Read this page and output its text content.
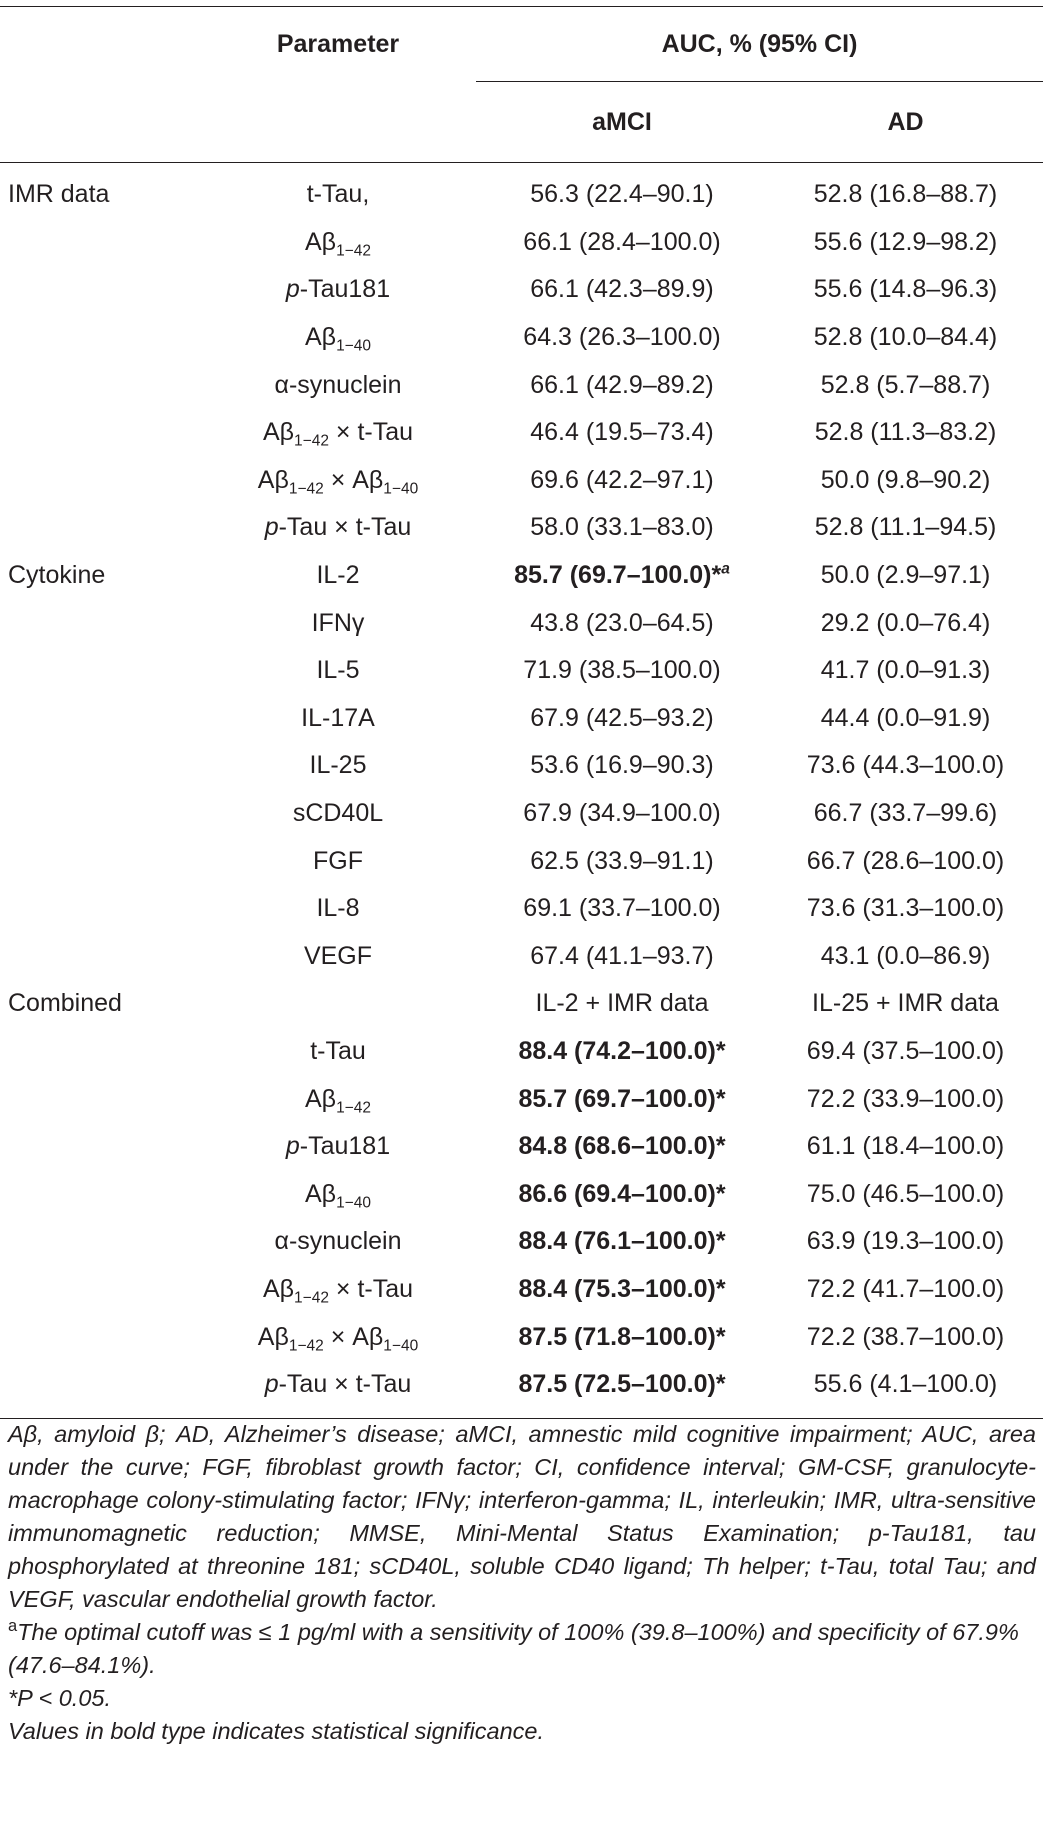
	Parameter	AUC, % (95% CI)	
		aMCI	AD
IMR data	t-Tau,	56.3 (22.4–90.1)	52.8 (16.8–88.7)
	$A\beta_{1-42}$	66.1 (28.4–100.0)	55.6 (12.9–98.2)
	p-Tau181	66.1 (42.3–89.9)	55.6 (14.8–96.3)
	$A\beta_{1-40}$	64.3 (26.3–100.0)	52.8 (10.0–84.4)
	α-synuclein	66.1 (42.9–89.2)	52.8 (5.7–88.7)
	$A\beta_{1-42} \times t-Tau$	46.4 (19.5–73.4)	52.8 (11.3–83.2)
	$A\beta_{1-42} \times A\beta_{1-40}$	69.6 (42.2–97.1)	50.0 (9.8–90.2)
	p-Tau × t-Tau	58.0 (33.1–83.0)	52.8 (11.1–94.5)
Cytokine	IL-2	85.7 (69.7–100.0)*$^a$	50.0 (2.9–97.1)
	IFNγ	43.8 (23.0–64.5)	29.2 (0.0–76.4)
	IL-5	71.9 (38.5–100.0)	41.7 (0.0–91.3)
	IL-17A	67.9 (42.5–93.2)	44.4 (0.0–91.9)
	IL-25	53.6 (16.9–90.3)	73.6 (44.3–100.0)
	sCD40L	67.9 (34.9–100.0)	66.7 (33.7–99.6)
	FGF	62.5 (33.9–91.1)	66.7 (28.6–100.0)
	IL-8	69.1 (33.7–100.0)	73.6 (31.3–100.0)
	VEGF	67.4 (41.1–93.7)	43.1 (0.0–86.9)
Combined		IL-2 + IMR data	IL-25 + IMR data
	t-Tau	88.4 (74.2–100.0)*	69.4 (37.5–100.0)
	$A\beta_{1-42}$	85.7 (69.7–100.0)*	72.2 (33.9–100.0)
	p-Tau181	84.8 (68.6–100.0)*	61.1 (18.4–100.0)
	$A\beta_{1-40}$	86.6 (69.4–100.0)*	75.0 (46.5–100.0)
	α-synuclein	88.4 (76.1–100.0)*	63.9 (19.3–100.0)
	$A\beta_{1-42} \times t-Tau$	88.4 (75.3–100.0)*	72.2 (41.7–100.0)
	$A\beta_{1-42} \times A\beta_{1-40}$	87.5 (71.8–100.0)*	72.2 (38.7–100.0)
	p-Tau × t-Tau	87.5 (72.5–100.0)*	55.6 (4.1–100.0)

Aβ, amyloid β; AD, Alzheimer’s disease; aMCI, amnestic mild cognitive impairment; AUC, area under the curve; FGF, fibroblast growth factor; CI, confidence interval; GM-CSF, granulocyte-macrophage colony-stimulating factor; IFNγ; interferon-gamma; IL, interleukin; IMR, ultra-sensitive immunomagnetic reduction; MMSE, Mini-Mental Status Examination; p-Tau181, tau phosphorylated at threonine 181; sCD40L, soluble CD40 ligand; Th helper; t-Tau, total Tau; and VEGF, vascular endothelial growth factor.

$^a$The optimal cutoff was ≤ 1 pg/ml with a sensitivity of 100% (39.8–100%) and specificity of 67.9% (47.6–84.1%).

*P < 0.05.

Values in bold type indicates statistical significance.
